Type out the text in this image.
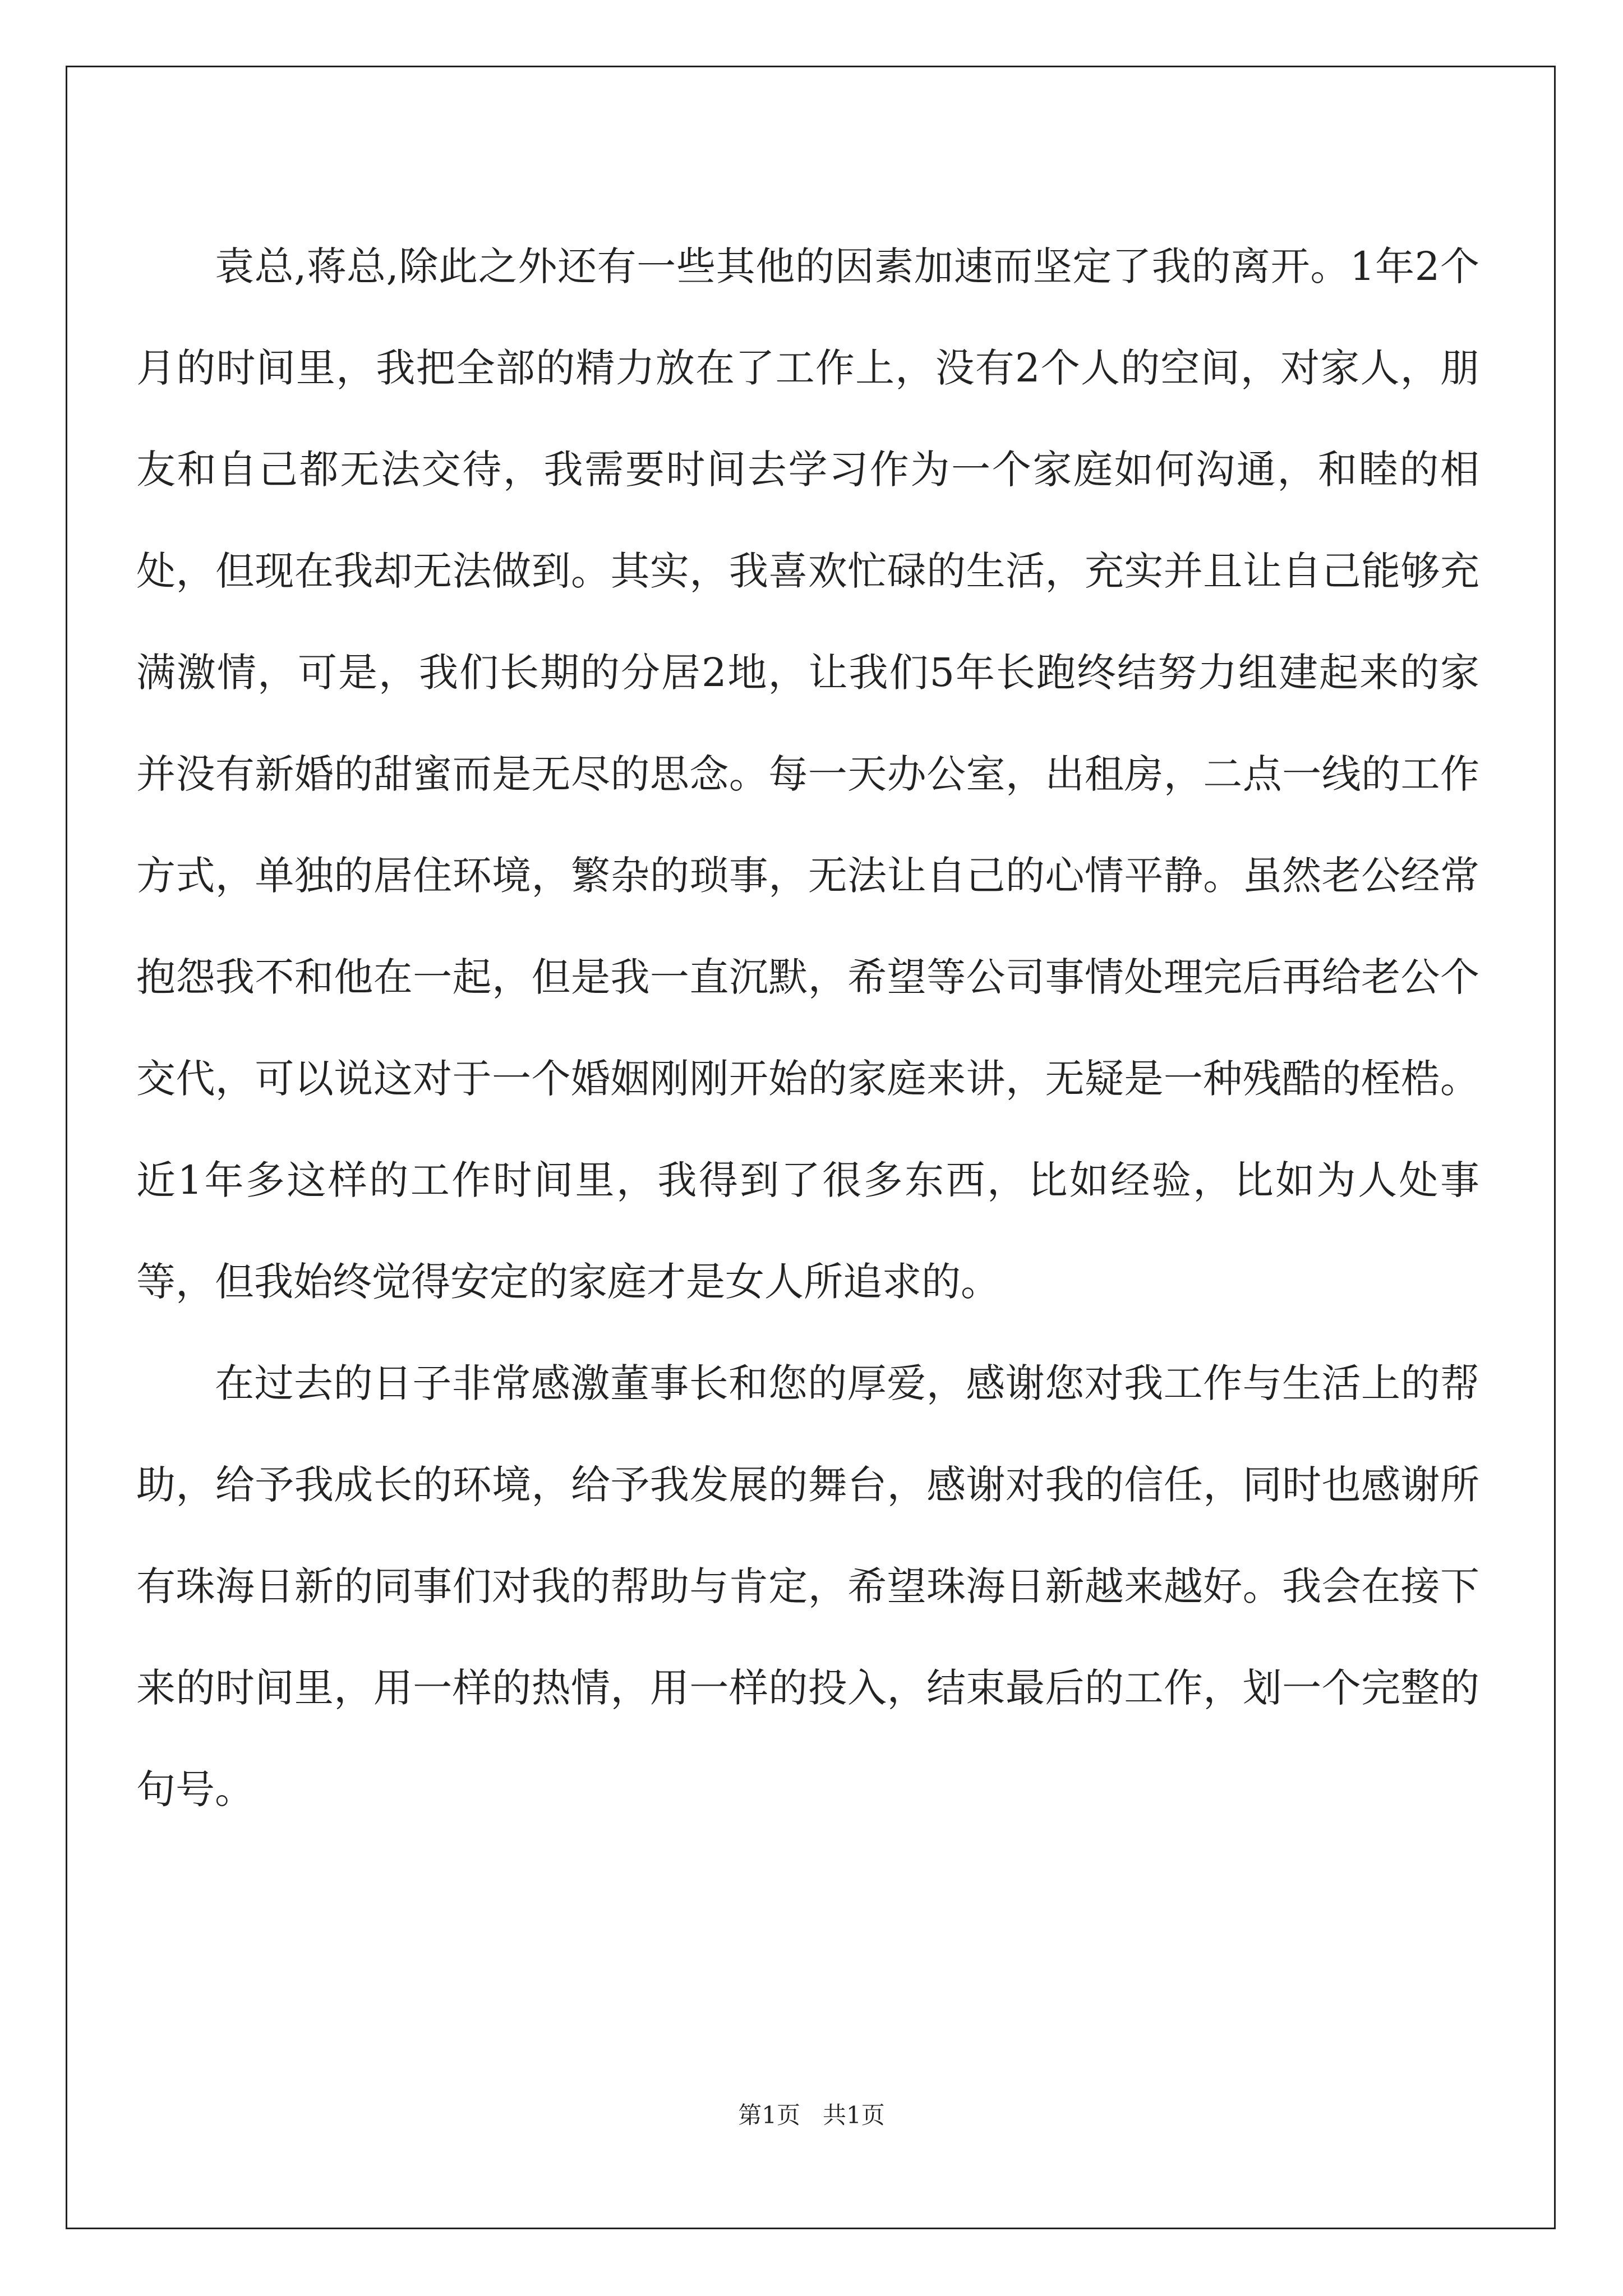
袁总,蒋总,除此之外还有一些其他的因素加速而坚定了我的离开。1年2个月的时间里，我把全部的精力放在了工作上，没有2个人的空间，对家人，朋友和自己都无法交待，我需要时间去学习作为一个家庭如何沟通，和睦的相处，但现在我却无法做到。其实，我喜欢忙碌的生活，充实并且让自己能够充满激情，可是，我们长期的分居2地，让我们5年长跑终结努力组建起来的家并没有新婚的甜蜜而是无尽的思念。每一天办公室，出租房，二点一线的工作方式，单独的居住环境，繁杂的琐事，无法让自己的心情平静。虽然老公经常抱怨我不和他在一起，但是我一直沉默，希望等公司事情处理完后再给老公个交代，可以说这对于一个婚姻刚刚开始的家庭来讲，无疑是一种残酷的桎梏。近1年多这样的工作时间里，我得到了很多东西，比如经验，比如为人处事等，但我始终觉得安定的家庭才是女人所追求的。

在过去的日子非常感激董事长和您的厚爱，感谢您对我工作与生活上的帮助，给予我成长的环境，给予我发展的舞台，感谢对我的信任，同时也感谢所有珠海日新的同事们对我的帮助与肯定，希望珠海日新越来越好。我会在接下来的时间里，用一样的热情，用一样的投入，结束最后的工作，划一个完整的句号。

第1页 共1页
